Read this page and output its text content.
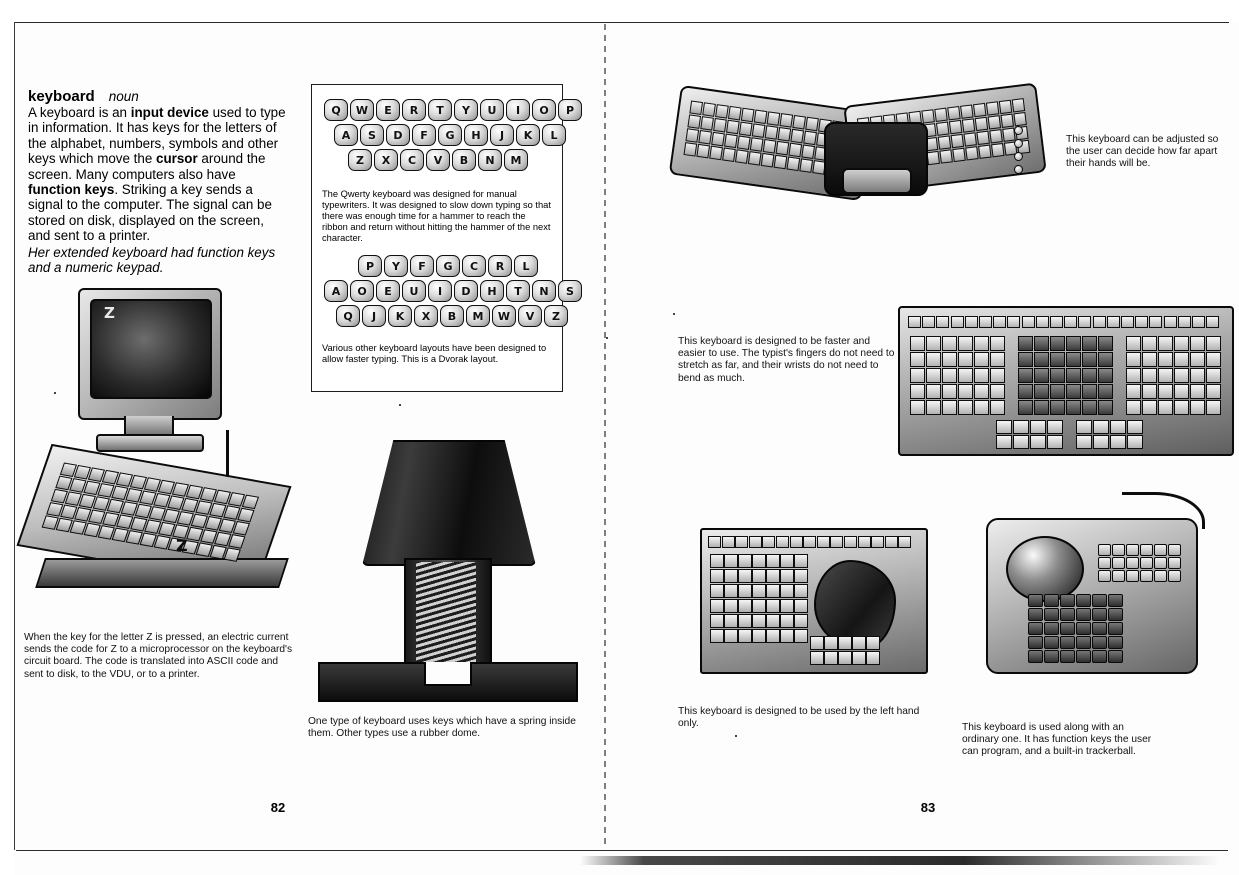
keyboard noun
A keyboard is an input device used to type in information. It has keys for the letters of the alphabet, numbers, symbols and other keys which move the cursor around the screen. Many computers also have function keys. Striking a key sends a signal to the computer. The signal can be stored on disk, displayed on the screen, and sent to a printer.
Her extended keyboard had function keys and a numeric keypad.
Q	W	E	R	T	Y	U	I	O	P
A	S	D	F	G	H	J	K	L
Z	X	C	V	B	N	M
The Qwerty keyboard was designed for manual typewriters. It was designed to slow down typing so that there was enough time for a hammer to reach the ribbon and return without hitting the hammer of the next character.
P	Y	F	G	C	R	L
A	O	E	U	I	D	H	T	N	S
Q	J	K	X	B	M	W	V	Z
Various other keyboard layouts have been designed to allow faster typing. This is a Dvorak layout.
Z
Z
When the key for the letter Z is pressed, an electric current sends the code for Z to a microprocessor on the keyboard's circuit board. The code is translated into ASCII code and sent to disk, to the VDU, or to a printer.
One type of keyboard uses keys which have a spring inside them. Other types use a rubber dome.
82
This keyboard can be adjusted so the user can decide how far apart their hands will be.
This keyboard is designed to be faster and easier to use. The typist's fingers do not need to stretch as far, and their wrists do not need to bend as much.
This keyboard is designed to be used by the left hand only.	This keyboard is used along with an ordinary one. It has function keys the user can program, and a built-in trackerball.
83
